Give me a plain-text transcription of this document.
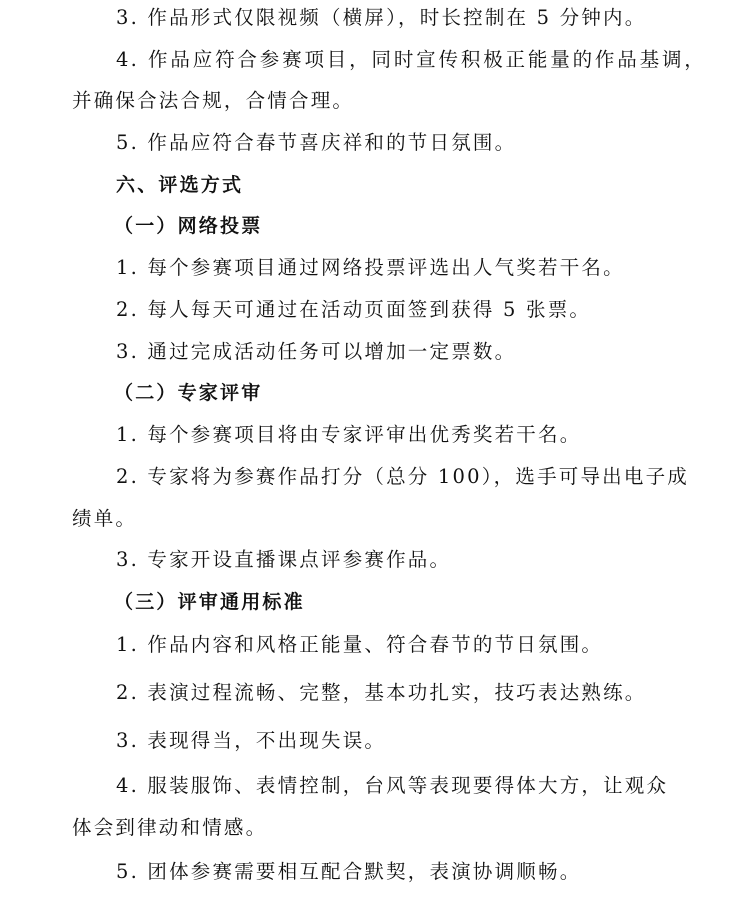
3. 作品形式仅限视频（横屏），时长控制在 5 分钟内。
4. 作品应符合参赛项目，同时宣传积极正能量的作品基调，
并确保合法合规，合情合理。
5. 作品应符合春节喜庆祥和的节日氛围。
六、评选方式
（一）网络投票
1. 每个参赛项目通过网络投票评选出人气奖若干名。
2. 每人每天可通过在活动页面签到获得 5 张票。
3. 通过完成活动任务可以增加一定票数。
（二）专家评审
1. 每个参赛项目将由专家评审出优秀奖若干名。
2. 专家将为参赛作品打分（总分 100），选手可导出电子成
绩单。
3. 专家开设直播课点评参赛作品。
（三）评审通用标准
1. 作品内容和风格正能量、符合春节的节日氛围。
2. 表演过程流畅、完整，基本功扎实，技巧表达熟练。
3. 表现得当，不出现失误。
4. 服装服饰、表情控制，台风等表现要得体大方，让观众
体会到律动和情感。
5. 团体参赛需要相互配合默契，表演协调顺畅。
